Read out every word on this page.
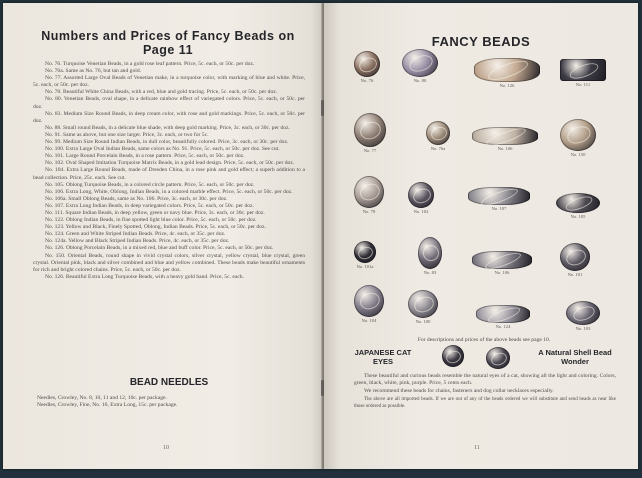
Numbers and Prices of Fancy Beads on Page 11

No. 76. Turquoise Venetian Beads, in a gold rose leaf pattern. Price, 5c. each, or 50c. per doz.

No. 76a. Same as No. 76, but tan and gold.

No. 77. Assorted Large Oval Beads of Venetian make, in a turquoise color, with marking of blue and white. Price, 5c. each, or 50c. per doz.

No. 78. Beautiful White China Beads, with a red, blue and gold tracing. Price, 5c. each, or 50c. per doz.

No. 80. Venetian Beads, oval shape, in a delicate rainbow effect of variegated colors. Price, 5c. each, or 50c. per doz.

No. 83. Medium Size Round Beads, in deep cream color, with rose and gold markings. Price, 5c. each, or 50c. per doz.

No. 88. Small round Beads, in a delicate blue shade, with deep gold marking. Price, 3c. each, or 30c. per doz.

No. 91. Same as above, but one size larger. Price, 3c. each, or two for 5c.

No. 99. Medium Size Round Indian Beads, in dull color, beautifully colored. Price, 3c. each, or 30c. per doz.

No. 100. Extra Large Oval Indian Beads, same colors as No. 91. Price, 5c. each, or 50c. per doz. See cut.

No. 101. Large Round Porcelain Beads, in a rose pattern. Price, 5c. each, or 50c. per doz.

No. 102. Oval Shaped Imitation Turquoise Matrix Beads, in a gold lead design. Price, 5c. each, or 50c. per doz.

No. 104. Extra Large Round Beads, made of Dresden China, in a rose pink and gold effect; a superb addition to a bead collection. Price, 25c. each. See cut.

No. 105. Oblong Turquoise Beads, in a colored circle pattern. Price, 5c. each, or 50c. per doz.

No. 106. Extra Long, White, Oblong, Indian Beads, in a colored marble effect. Price, 5c. each, or 50c. per doz.

No. 106a. Small Oblong Beads, same as No. 106. Price, 3c. each, or 30c. per doz.

No. 107. Extra Long Indian Beads, in deep variegated colors. Price, 5c. each, or 50c. per doz.

No. 111. Square Indian Beads, in deep yellow, green or navy blue. Price, 3c. each, or 30c. per doz.

No. 122. Oblong Indian Beads, in fine spotted light blue color. Price, 5c. each, or 50c. per doz.

No. 123. Yellow and Black, Finely Spotted, Oblong, Indian Beads. Price, 5c. each, or 50c. per doz.

No. 124. Green and White Striped Indian Beads. Price, 4c. each, or 35c. per doz.

No. 124a. Yellow and Black Striped Indian Beads. Price, 4c. each, or 35c. per doz.

No. 126. Oblong Porcelain Beads, in a mixed red, blue and buff color. Price, 5c. each, or 50c. per doz.

No. 150. Oriental Beads, round shape in vivid crystal colors, silver crystal, yellow crystal, blue crystal, green crystal. Oriental pink, black and silver combined and blue and yellow combined. These beads make beautiful ornaments for rich and bright colored chains. Price, 5c. each, or 50c. per doz.

No. 126. Beautiful Extra Long Turquoise Beads, with a heavy gold band. Price, 5c. each.

BEAD NEEDLES
Needles, Crowley, No. 8, 10, 11 and 12, 10c. per package.
Needles, Crowley, Fine, No. 16, Extra Long, 15c. per package.
10
FANCY BEADS
No. 76	No. 80
No. 126	No. 111
No. 77	No. 76a	No. 106
No. 150
No. 78	No. 102
No. 107
No. 105
No. 101a
No. 83	No. 106	No. 101
No. 104	No. 100
No. 124	No. 103
For descriptions and prices of the above beads see page 10.
JAPANESE CAT EYES
A Natural Shell Bead Wonder

These beautiful and curious beads resemble the natural eyes of a cat, showing all the light and coloring. Colors, green, black, white, pink, purple. Price, 5 cents each.

We recommend these beads for chains, fasteners and dog collar necklaces especially.

The above are all imported beads. If we are out of any of the beads ordered we will substitute and send beads as near like those ordered as possible.

11
